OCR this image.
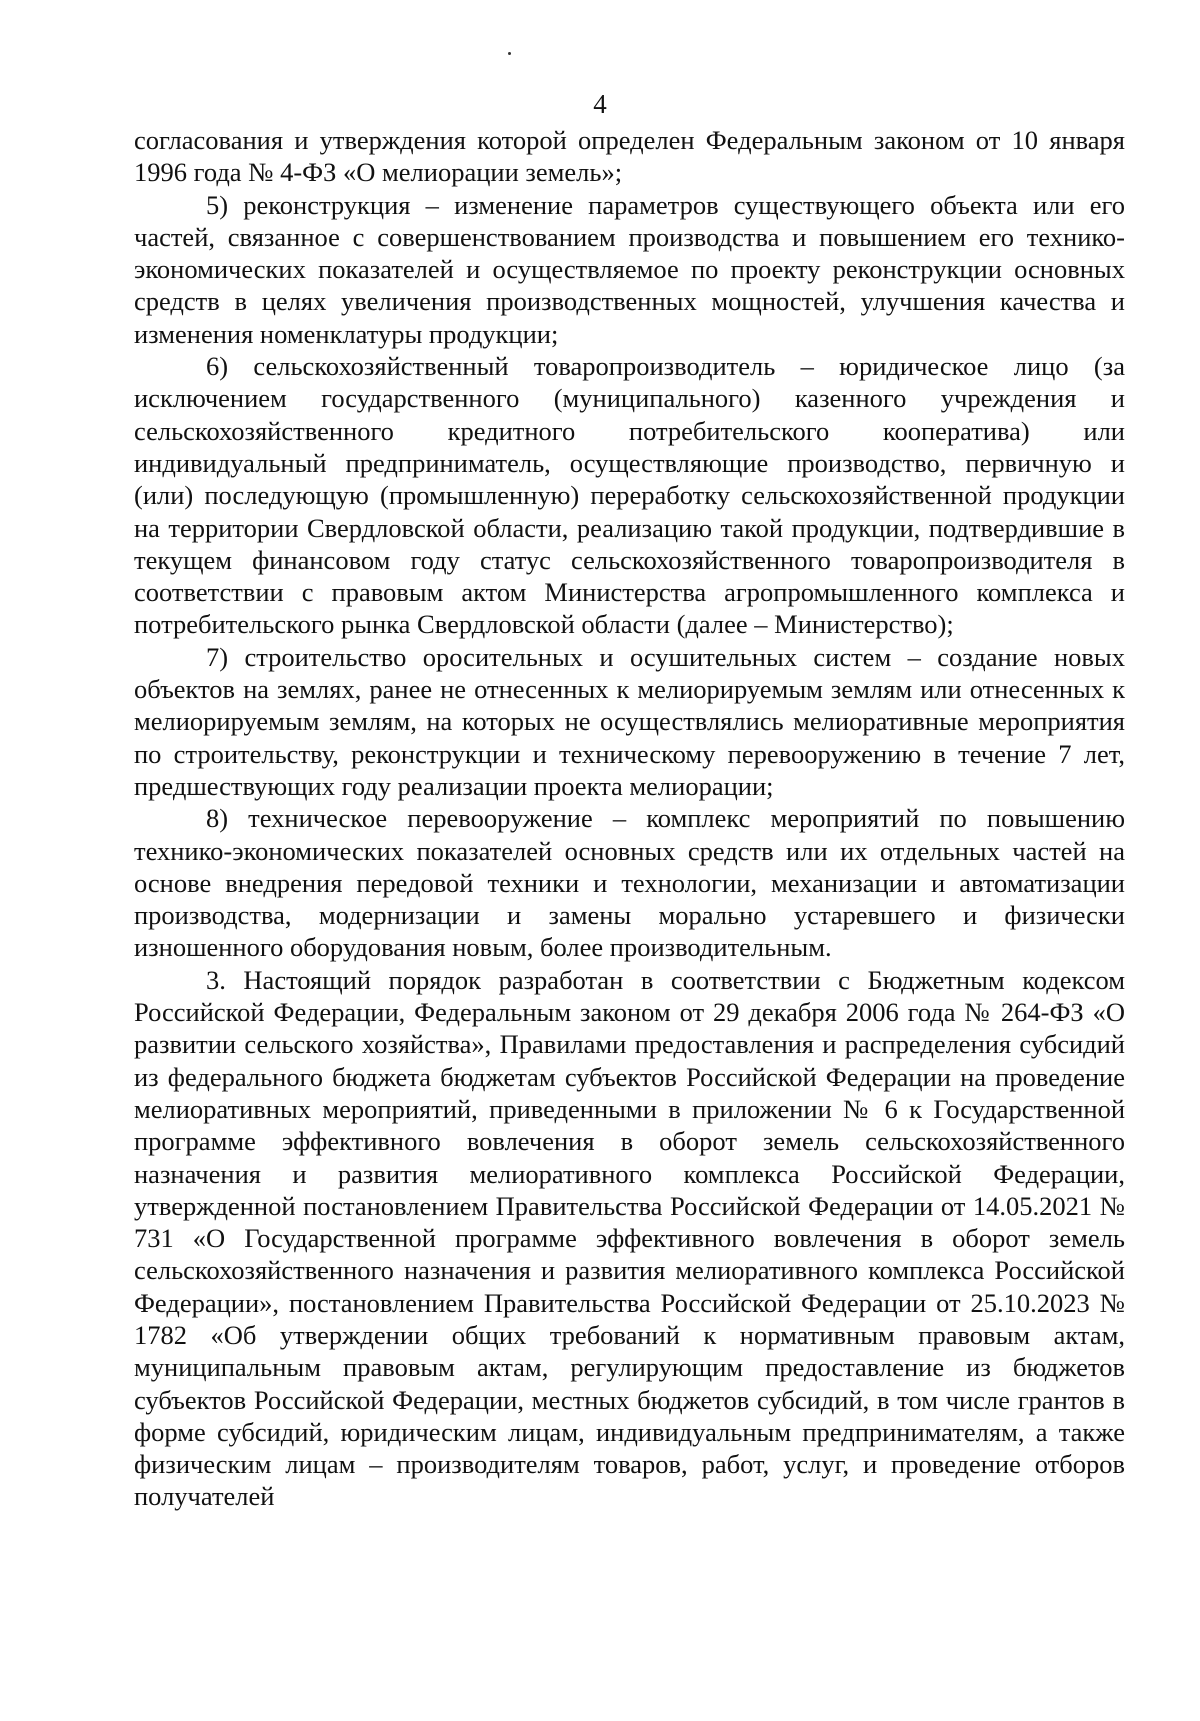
4

согласования и утверждения которой определен Федеральным законом от 10 января 1996 года № 4-ФЗ «О мелиорации земель»;

5) реконструкция – изменение параметров существующего объекта или его частей, связанное с совершенствованием производства и повышением его технико-экономических показателей и осуществляемое по проекту реконструкции основных средств в целях увеличения производственных мощностей, улучшения качества и изменения номенклатуры продукции;

6) сельскохозяйственный товаропроизводитель – юридическое лицо (за исключением государственного (муниципального) казенного учреждения и сельскохозяйственного кредитного потребительского кооператива) или индивидуальный предприниматель, осуществляющие производство, первичную и (или) последующую (промышленную) переработку сельскохозяйственной продукции на территории Свердловской области, реализацию такой продукции, подтвердившие в текущем финансовом году статус сельскохозяйственного товаропроизводителя в соответствии с правовым актом Министерства агропромышленного комплекса и потребительского рынка Свердловской области (далее – Министерство);

7) строительство оросительных и осушительных систем – создание новых объектов на землях, ранее не отнесенных к мелиорируемым землям или отнесенных к мелиорируемым землям, на которых не осуществлялись мелиоративные мероприятия по строительству, реконструкции и техническому перевооружению в течение 7 лет, предшествующих году реализации проекта мелиорации;

8) техническое перевооружение – комплекс мероприятий по повышению технико-экономических показателей основных средств или их отдельных частей на основе внедрения передовой техники и технологии, механизации и автоматизации производства, модернизации и замены морально устаревшего и физически изношенного оборудования новым, более производительным.

3. Настоящий порядок разработан в соответствии с Бюджетным кодексом Российской Федерации, Федеральным законом от 29 декабря 2006 года № 264-ФЗ «О развитии сельского хозяйства», Правилами предоставления и распределения субсидий из федерального бюджета бюджетам субъектов Российской Федерации на проведение мелиоративных мероприятий, приведенными в приложении № 6 к Государственной программе эффективного вовлечения в оборот земель сельскохозяйственного назначения и развития мелиоративного комплекса Российской Федерации, утвержденной постановлением Правительства Российской Федерации от 14.05.2021 № 731 «О Государственной программе эффективного вовлечения в оборот земель сельскохозяйственного назначения и развития мелиоративного комплекса Российской Федерации», постановлением Правительства Российской Федерации от 25.10.2023 № 1782 «Об утверждении общих требований к нормативным правовым актам, муниципальным правовым актам, регулирующим предоставление из бюджетов субъектов Российской Федерации, местных бюджетов субсидий, в том числе грантов в форме субсидий, юридическим лицам, индивидуальным предпринимателям, а также физическим лицам – производителям товаров, работ, услуг, и проведение отборов получателей
